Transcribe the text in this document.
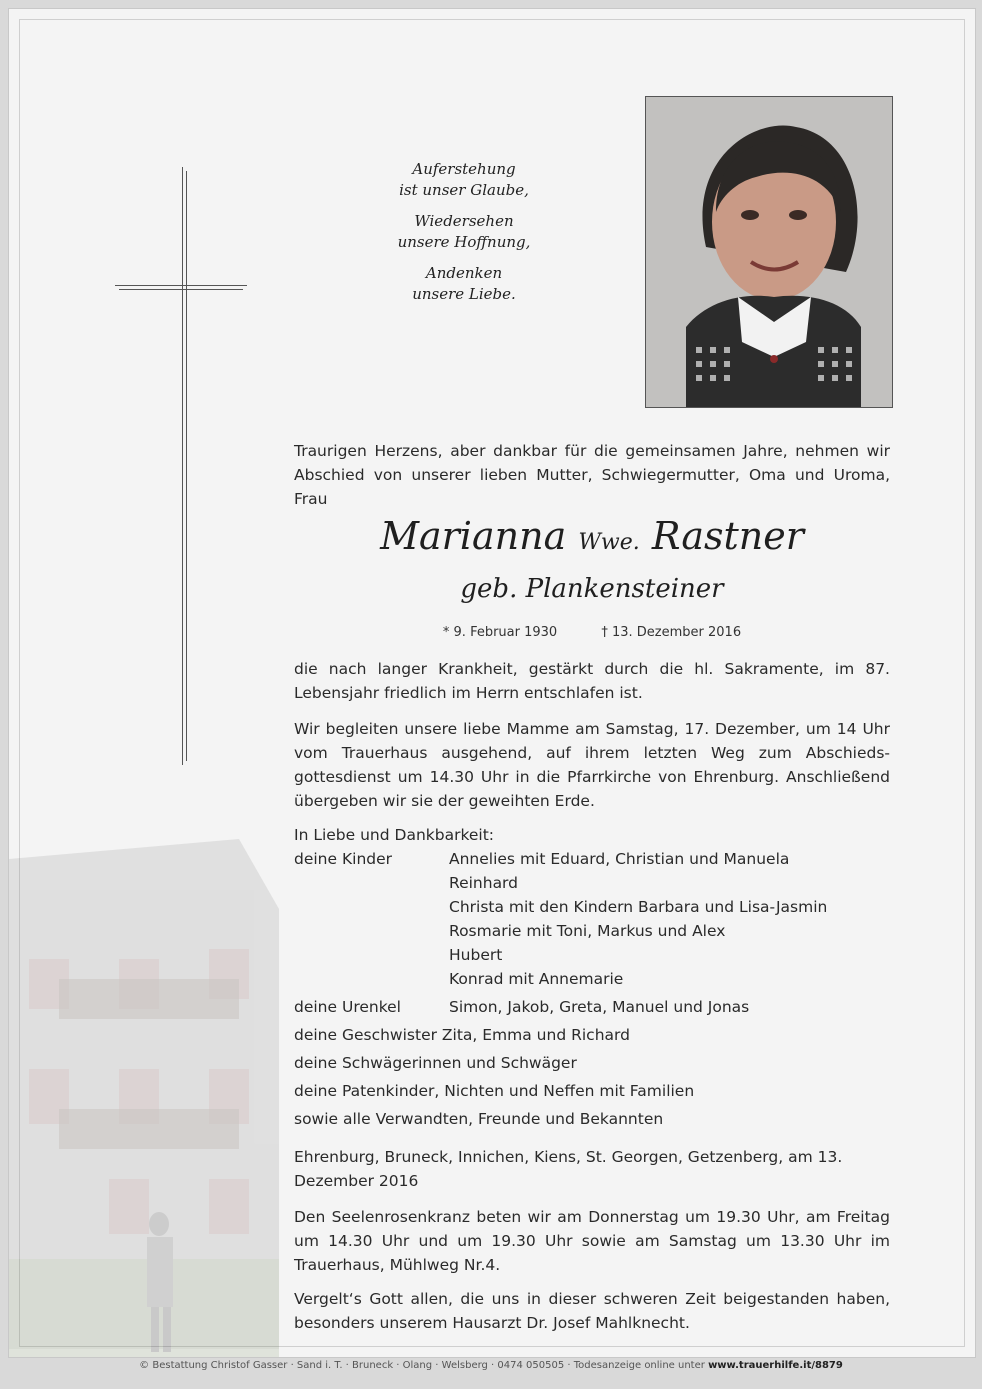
Auferstehung
ist unser Glaube,

Wiedersehen
unsere Hoffnung,

Andenken
unsere Liebe.

Traurigen Herzens, aber dankbar für die gemeinsamen Jahre, nehmen wir Abschied von unserer lieben Mutter, Schwiegermutter, Oma und Uroma, Frau
Marianna Wwe. Rastner
geb. Plankensteiner
* 9. Februar 1930	† 13. Dezember 2016
die nach langer Krankheit, gestärkt durch die hl. Sakramente, im 87. Lebensjahr friedlich im Herrn entschlafen ist.
Wir begleiten unsere liebe Mamme am Samstag, 17. Dezember, um 14 Uhr vom Trauerhaus ausgehend, auf ihrem letzten Weg zum Abschiedsgottesdienst um 14.30 Uhr in die Pfarrkirche von Ehrenburg. Anschließend übergeben wir sie der geweihten Erde.
In Liebe und Dankbarkeit:
deine Kinder	Annelies mit Eduard, Christian und Manuela
Reinhard
Christa mit den Kindern Barbara und Lisa-Jasmin
Rosmarie mit Toni, Markus und Alex
Hubert
Konrad mit Annemarie
deine Urenkel	Simon, Jakob, Greta, Manuel und Jonas
deine Geschwister Zita, Emma und Richard
deine Schwägerinnen und Schwäger
deine Patenkinder, Nichten und Neffen mit Familien
sowie alle Verwandten, Freunde und Bekannten
Ehrenburg, Bruneck, Innichen, Kiens, St. Georgen, Getzenberg, am 13. Dezember 2016
Den Seelenrosenkranz beten wir am Donnerstag um 19.30 Uhr, am Freitag um 14.30 Uhr und um 19.30 Uhr sowie am Samstag um 13.30 Uhr im Trauerhaus, Mühlweg Nr.4.
Vergelt‘s Gott allen, die uns in dieser schweren Zeit beigestanden haben, besonders unserem Hausarzt Dr. Josef Mahlknecht.
© Bestattung Christof Gasser · Sand i. T. · Bruneck · Olang · Welsberg · 0474 050505 · Todesanzeige online unter www.trauerhilfe.it/8879
